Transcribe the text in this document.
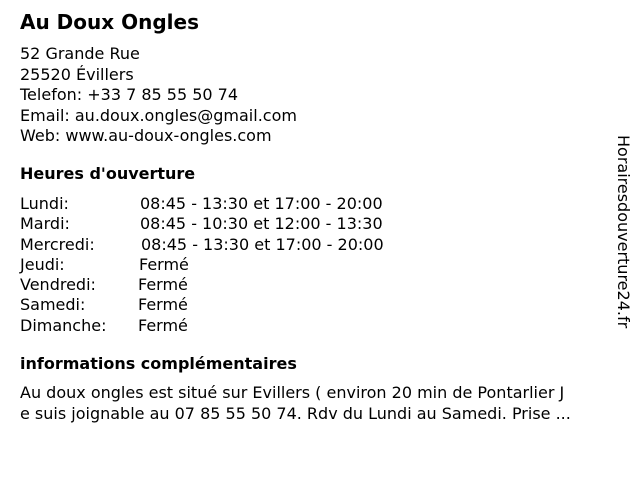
Au Doux Ongles
52 Grande Rue
25520 Évillers
Telefon: +33 7 85 55 50 74
Email: au.doux.ongles@gmail.com
Web: www.au-doux-ongles.com
Heures d'ouverture
Lundi:	08:45 - 13:30 et 17:00 - 20:00
Mardi:	08:45 - 10:30 et 12:00 - 13:30
Mercredi:	08:45 - 13:30 et 17:00 - 20:00
Jeudi:	Fermé
Vendredi:	Fermé
Samedi:	Fermé
Dimanche: Fermé
informations complémentaires
Au doux ongles est situé sur Evillers ( environ 20 min de Pontarlier J
e suis joignable au 07 85 55 50 74. Rdv du Lundi au Samedi. Prise ...
Horairesdouverture24.fr
